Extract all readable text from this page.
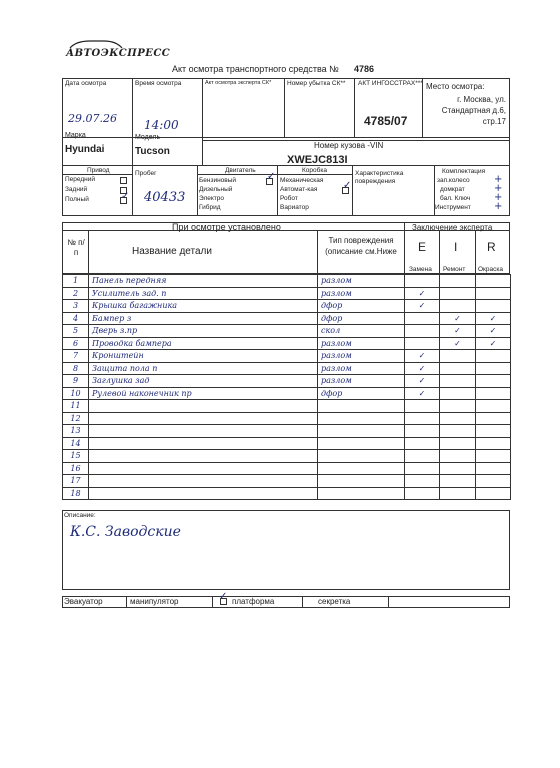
АВТОЭКСПРЕСС
Акт осмотра транспортного средства № 4786
Дата осмотра
29.07.26
Время осмотра
14:00
Акт осмотра эксперта СК* Номер убытка СК** АКТ ИНГОССТРАХ***
4785/07
Место осмотра:
г. Москва, ул. Стандартная д.6, стр.17
Марка
Hyundai
Модель
Tucson
Номер кузова -VIN
XWEJC813I
Привод
Передний
Задний
Полный	✓
Пробег
40433
Двигатель
Бензиновый
Дизельный
Электро
Гибрид
✓
Коробка
Механическая
Автомат-кая
Робот
Вариатор
✓
Характеристика повреждения
Комплектация
зап.колесо
домкрат
бал. Ключ
Инструмент
+
+
+
+
При осмотре установлено	Заключение эксперта
№ п/п	Название детали
Тип повреждения (описание см.Ниже	E I R
Замена Ремонт Окраска
1	Панель передняя	разлом			
2	Усилитель зад. п	разлом	✓		
3	Крышка багажника	дфор	✓		
4	Бампер з	дфор		✓	✓
5	Дверь з.пр	скол		✓	✓
6	Проводка бампера	разлом		✓	✓
7	Кронштейн	разлом	✓		
8	Защита пола п	разлом	✓		
9	Заглушка зад	разлом	✓		
10	Рулевой наконечник пр	дфор	✓		
11					
12					
13					
14					
15					
16					
17					
18					
Описание:
К.С. Заводские
Эвакуатор	манипулятор	платформа	секретка
✓
